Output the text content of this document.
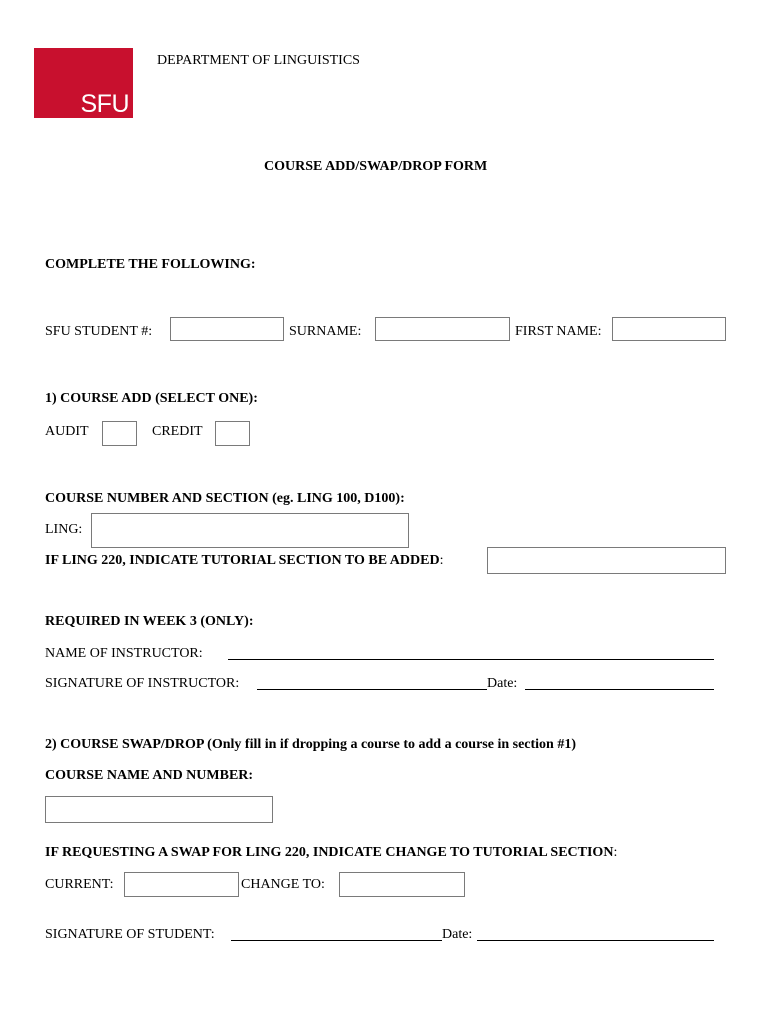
SFU
DEPARTMENT OF LINGUISTICS
COURSE ADD/SWAP/DROP FORM
COMPLETE THE FOLLOWING:
SFU STUDENT #:	SURNAME:	FIRST NAME:
1) COURSE ADD (SELECT ONE):
AUDIT	CREDIT
COURSE NUMBER AND SECTION (eg. LING 100, D100):
LING:
IF LING 220, INDICATE TUTORIAL SECTION TO BE ADDED:
REQUIRED IN WEEK 3 (ONLY):
NAME OF INSTRUCTOR:
SIGNATURE OF INSTRUCTOR:	Date:
2) COURSE SWAP/DROP (Only fill in if dropping a course to add a course in section #1)
COURSE NAME AND NUMBER:
IF REQUESTING A SWAP FOR LING 220, INDICATE CHANGE TO TUTORIAL SECTION:
CURRENT:	CHANGE TO:
SIGNATURE OF STUDENT:	Date:
